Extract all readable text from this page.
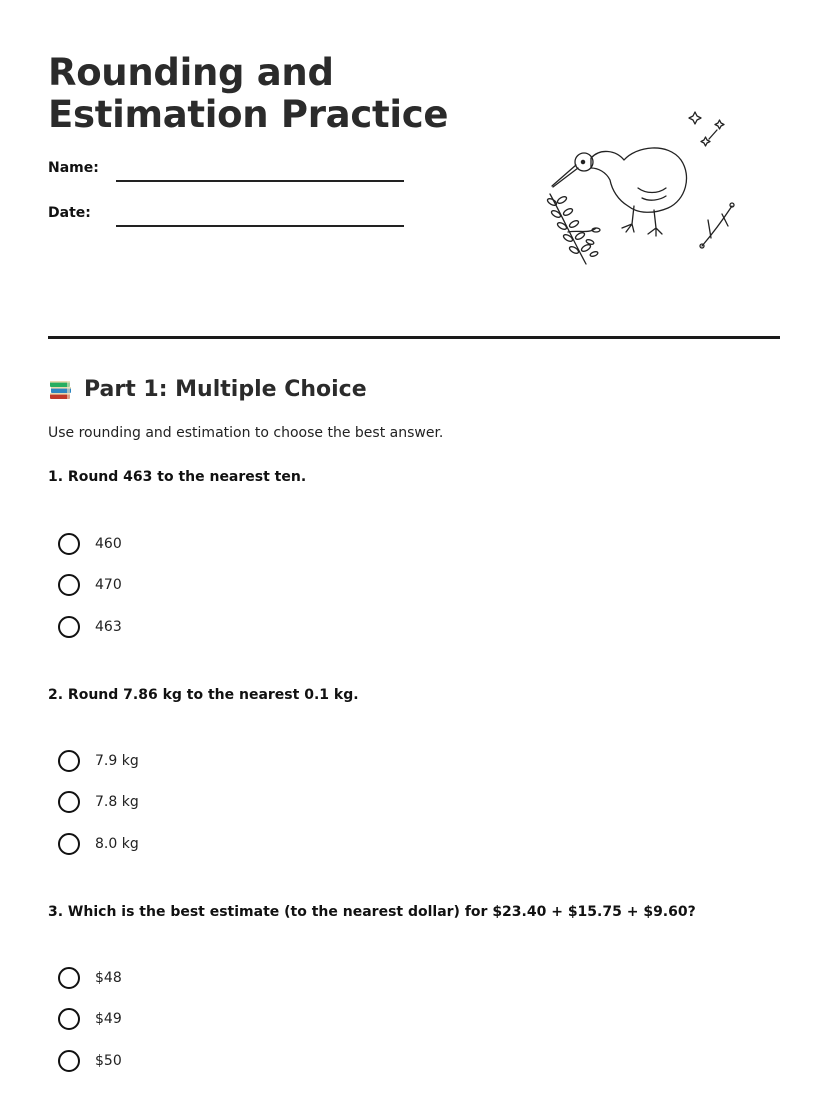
Rounding and Estimation Practice
Name:
Date:
Part 1: Multiple Choice

Use rounding and estimation to choose the best answer.

1. Round 463 to the nearest ten.

460
470
463

2. Round 7.86 kg to the nearest 0.1 kg.

7.9 kg
7.8 kg
8.0 kg

3. Which is the best estimate (to the nearest dollar) for $23.40 + $15.75 + $9.60?

$48
$49
$50
